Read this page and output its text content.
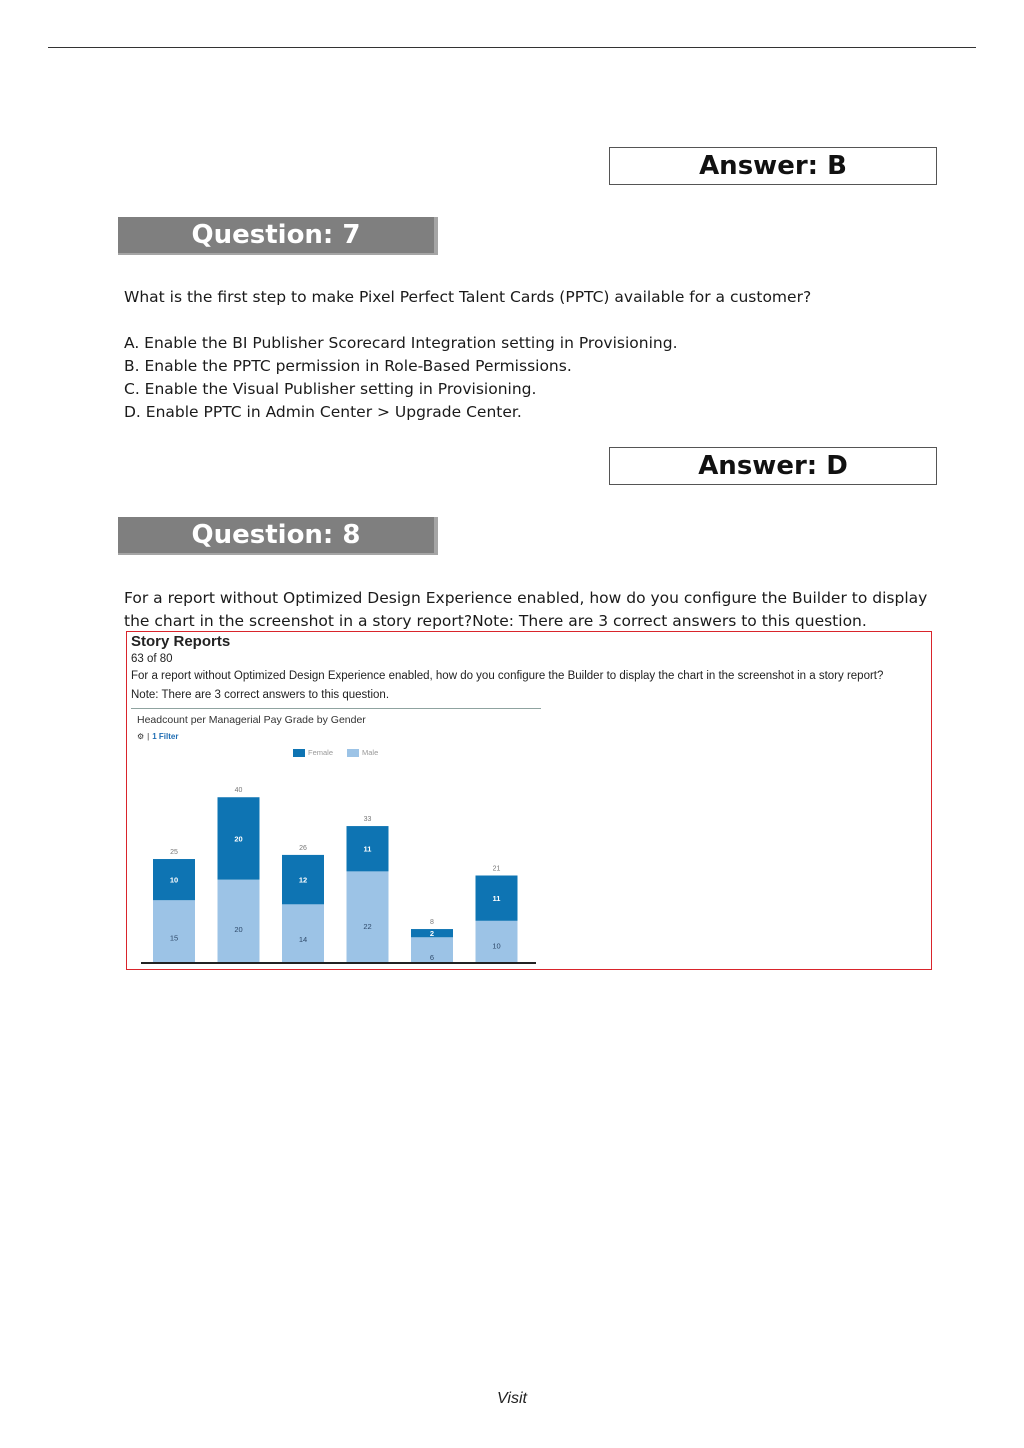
Answer: B
Question: 7
What is the first step to make Pixel Perfect Talent Cards (PPTC) available for a customer?
A. Enable the BI Publisher Scorecard Integration setting in Provisioning.
B. Enable the PPTC permission in Role-Based Permissions.
C. Enable the Visual Publisher setting in Provisioning.
D. Enable PPTC in Admin Center > Upgrade Center.
Answer: D
Question: 8
For a report without Optimized Design Experience enabled, how do you configure the Builder to display
the chart in the screenshot in a story report?Note: There are 3 correct answers to this question.
Story Reports
63 of 80
For a report without Optimized Design Experience enabled, how do you configure the Builder to display the chart in the screenshot in a story report?
Note: There are 3 correct answers to this question.
Headcount per Managerial Pay Grade by Gender
⚙ | 1 Filter
Female	Male
15
10
25
20
20
40
14
12
26
22
11
33
6
2
8
10
11
21
Visit
